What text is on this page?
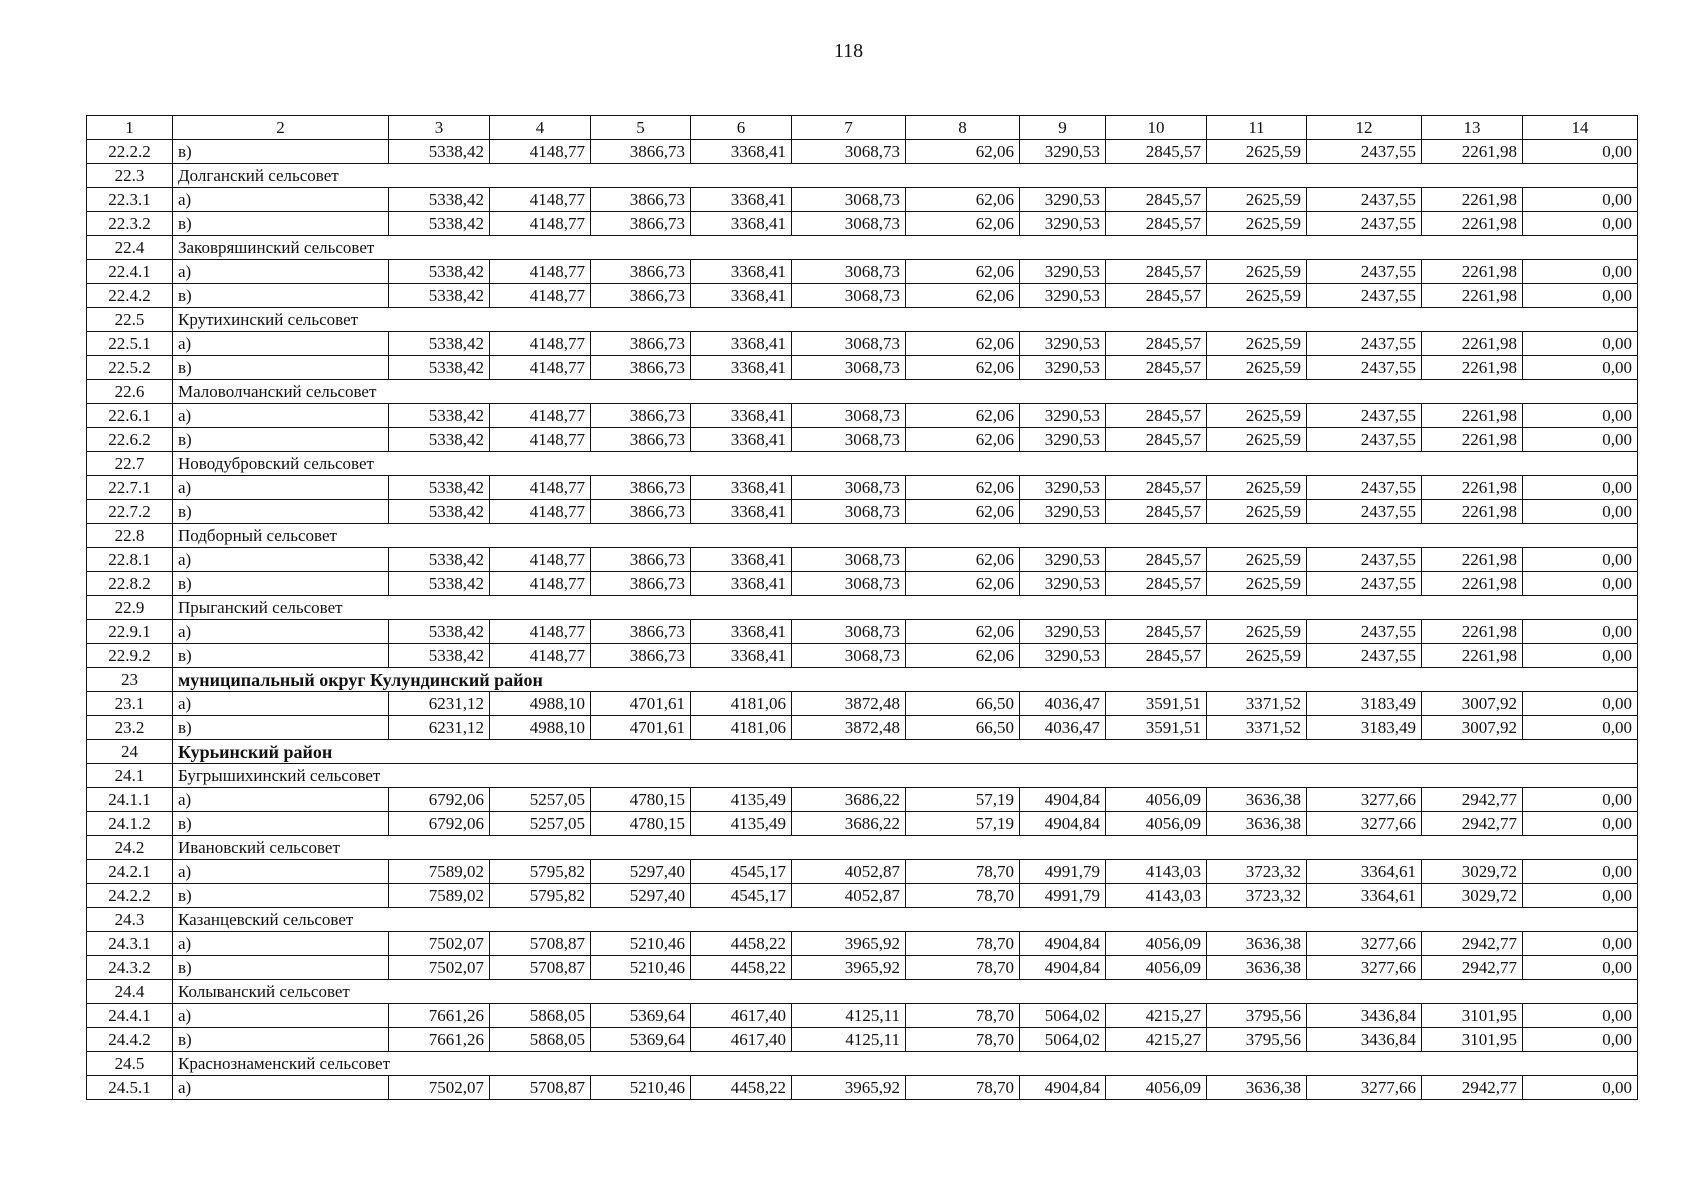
118
1	2	3	4	5	6	7	8	9	10	11	12	13	14
22.2.2	в)	5338,42	4148,77	3866,73	3368,41	3068,73	62,06	3290,53	2845,57	2625,59	2437,55	2261,98	0,00
22.3	Долганский сельсовет												
22.3.1	а)	5338,42	4148,77	3866,73	3368,41	3068,73	62,06	3290,53	2845,57	2625,59	2437,55	2261,98	0,00
22.3.2	в)	5338,42	4148,77	3866,73	3368,41	3068,73	62,06	3290,53	2845,57	2625,59	2437,55	2261,98	0,00
22.4	Заковряшинский сельсовет												
22.4.1	а)	5338,42	4148,77	3866,73	3368,41	3068,73	62,06	3290,53	2845,57	2625,59	2437,55	2261,98	0,00
22.4.2	в)	5338,42	4148,77	3866,73	3368,41	3068,73	62,06	3290,53	2845,57	2625,59	2437,55	2261,98	0,00
22.5	Крутихинский сельсовет												
22.5.1	а)	5338,42	4148,77	3866,73	3368,41	3068,73	62,06	3290,53	2845,57	2625,59	2437,55	2261,98	0,00
22.5.2	в)	5338,42	4148,77	3866,73	3368,41	3068,73	62,06	3290,53	2845,57	2625,59	2437,55	2261,98	0,00
22.6	Маловолчанский сельсовет												
22.6.1	а)	5338,42	4148,77	3866,73	3368,41	3068,73	62,06	3290,53	2845,57	2625,59	2437,55	2261,98	0,00
22.6.2	в)	5338,42	4148,77	3866,73	3368,41	3068,73	62,06	3290,53	2845,57	2625,59	2437,55	2261,98	0,00
22.7	Новодубровский сельсовет												
22.7.1	а)	5338,42	4148,77	3866,73	3368,41	3068,73	62,06	3290,53	2845,57	2625,59	2437,55	2261,98	0,00
22.7.2	в)	5338,42	4148,77	3866,73	3368,41	3068,73	62,06	3290,53	2845,57	2625,59	2437,55	2261,98	0,00
22.8	Подборный сельсовет												
22.8.1	а)	5338,42	4148,77	3866,73	3368,41	3068,73	62,06	3290,53	2845,57	2625,59	2437,55	2261,98	0,00
22.8.2	в)	5338,42	4148,77	3866,73	3368,41	3068,73	62,06	3290,53	2845,57	2625,59	2437,55	2261,98	0,00
22.9	Прыганский сельсовет												
22.9.1	а)	5338,42	4148,77	3866,73	3368,41	3068,73	62,06	3290,53	2845,57	2625,59	2437,55	2261,98	0,00
22.9.2	в)	5338,42	4148,77	3866,73	3368,41	3068,73	62,06	3290,53	2845,57	2625,59	2437,55	2261,98	0,00
23	муниципальный округ Кулундинский район												
23.1	а)	6231,12	4988,10	4701,61	4181,06	3872,48	66,50	4036,47	3591,51	3371,52	3183,49	3007,92	0,00
23.2	в)	6231,12	4988,10	4701,61	4181,06	3872,48	66,50	4036,47	3591,51	3371,52	3183,49	3007,92	0,00
24	Курьинский район												
24.1	Бугрышихинский сельсовет												
24.1.1	а)	6792,06	5257,05	4780,15	4135,49	3686,22	57,19	4904,84	4056,09	3636,38	3277,66	2942,77	0,00
24.1.2	в)	6792,06	5257,05	4780,15	4135,49	3686,22	57,19	4904,84	4056,09	3636,38	3277,66	2942,77	0,00
24.2	Ивановский сельсовет												
24.2.1	а)	7589,02	5795,82	5297,40	4545,17	4052,87	78,70	4991,79	4143,03	3723,32	3364,61	3029,72	0,00
24.2.2	в)	7589,02	5795,82	5297,40	4545,17	4052,87	78,70	4991,79	4143,03	3723,32	3364,61	3029,72	0,00
24.3	Казанцевский сельсовет												
24.3.1	а)	7502,07	5708,87	5210,46	4458,22	3965,92	78,70	4904,84	4056,09	3636,38	3277,66	2942,77	0,00
24.3.2	в)	7502,07	5708,87	5210,46	4458,22	3965,92	78,70	4904,84	4056,09	3636,38	3277,66	2942,77	0,00
24.4	Колыванский сельсовет												
24.4.1	а)	7661,26	5868,05	5369,64	4617,40	4125,11	78,70	5064,02	4215,27	3795,56	3436,84	3101,95	0,00
24.4.2	в)	7661,26	5868,05	5369,64	4617,40	4125,11	78,70	5064,02	4215,27	3795,56	3436,84	3101,95	0,00
24.5	Краснознаменский сельсовет												
24.5.1	а)	7502,07	5708,87	5210,46	4458,22	3965,92	78,70	4904,84	4056,09	3636,38	3277,66	2942,77	0,00
